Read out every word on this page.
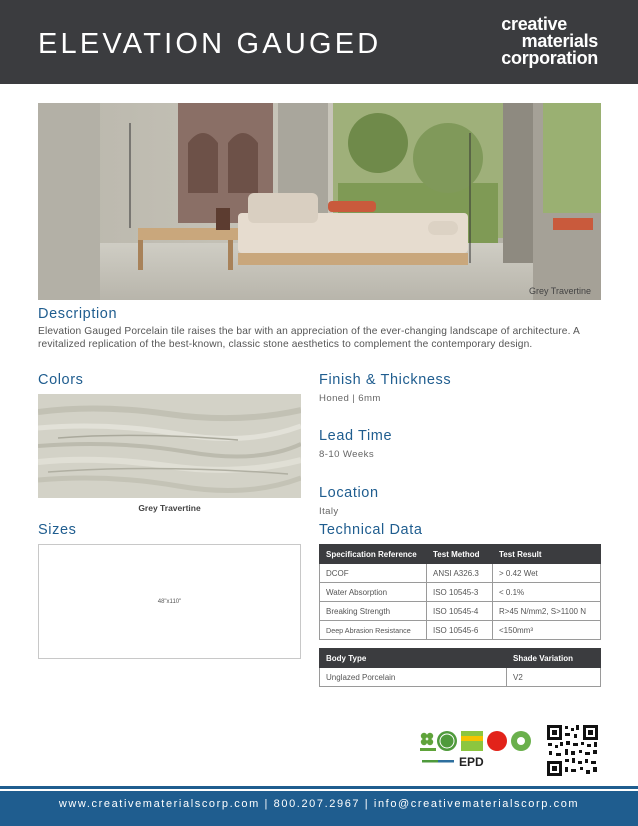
ELEVATION GAUGED
creative
materials
corporation
Grey Travertine
Description
Elevation Gauged Porcelain tile raises the bar with an appreciation of the ever-changing landscape of architecture. A revitalized replication of the best-known, classic stone aesthetics to complement the contemporary design.
Colors
Grey Travertine
Sizes
48"x110"
Finish & Thickness
Honed | 6mm
Lead Time
8-10 Weeks
Location
Italy
Technical Data
Specification Reference	Test Method	Test Result
DCOF	ANSI A326.3	> 0.42 Wet
Water Absorption	ISO 10545-3	< 0.1%
Breaking Strength	ISO 10545-4	R>45 N/mm2, S>1100 N
Deep Abrasion Resistance	ISO 10545-6	<150mm³
Body Type	Shade Variation
Unglazed Porcelain	V2
EPD
www.creativematerialscorp.com | 800.207.2967 | info@creativematerialscorp.com
